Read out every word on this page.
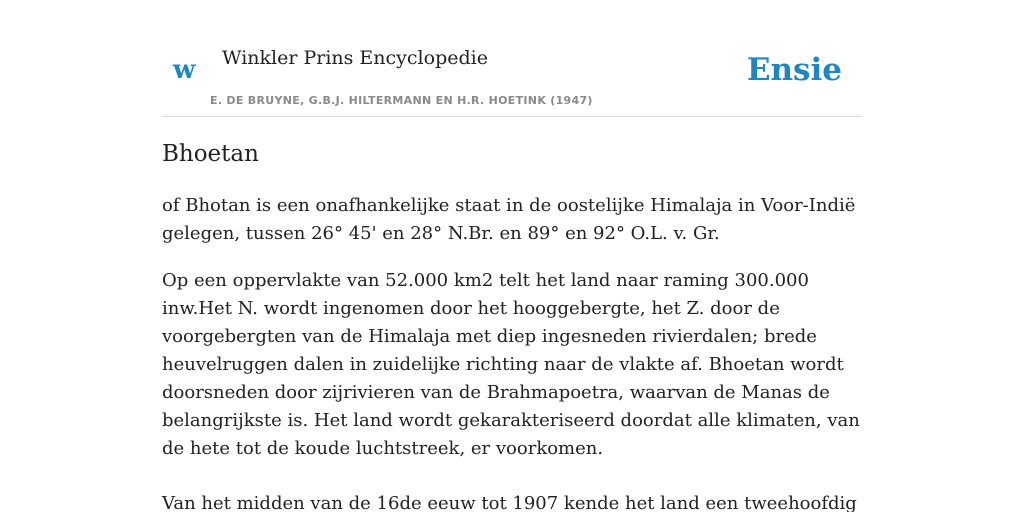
w Winkler Prins Encyclopedie
E. DE BRUYNE, G.B.J. HILTERMANN EN H.R. HOETINK (1947)
Ensie
Bhoetan

of Bhotan is een onafhankelijke staat in de oostelijke Himalaja in Voor-Indië gelegen, tussen 26° 45' en 28° N.Br. en 89° en 92° O.L. v. Gr.

Op een oppervlakte van 52.000 km2 telt het land naar raming 300.000 inw.Het N. wordt ingenomen door het hooggebergte, het Z. door de voorgebergten van de Himalaja met diep ingesneden rivierdalen; brede heuvelruggen dalen in zuidelijke richting naar de vlakte af. Bhoetan wordt doorsneden door zijrivieren van de Brahmapoetra, waarvan de Manas de belangrijkste is. Het land wordt gekarakteriseerd doordat alle klimaten, van de hete tot de koude luchtstreek, er voorkomen.

Van het midden van de 16de eeuw tot 1907 kende het land een tweehoofdig
